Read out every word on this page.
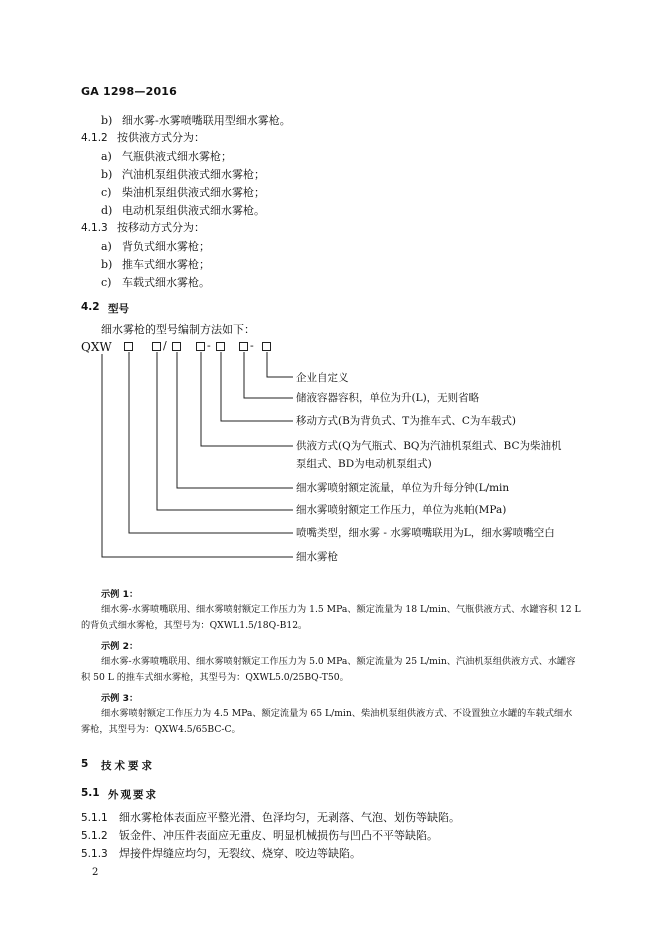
GA 1298—2016
b) 细水雾-水雾喷嘴联用型细水雾枪。
4.1.2 按供液方式分为：
a) 气瓶供液式细水雾枪；
b) 汽油机泵组供液式细水雾枪；
c) 柴油机泵组供液式细水雾枪；
d) 电动机泵组供液式细水雾枪。
4.1.3 按移动方式分为：
a) 背负式细水雾枪；
b) 推车式细水雾枪；
c) 车载式细水雾枪。
4.2 型号
细水雾枪的型号编制方法如下：
QXW	/	-	-
企业自定义
储液容器容积，单位为升(L)，无则省略
移动方式(B为背负式、T为推车式、C为车载式)
供液方式(Q为气瓶式、BQ为汽油机泵组式、BC为柴油机
泵组式、BD为电动机泵组式)
细水雾喷射额定流量，单位为升每分钟(L/min
细水雾喷射额定工作压力，单位为兆帕(MPa)
喷嘴类型，细水雾 - 水雾喷嘴联用为L，细水雾喷嘴空白
细水雾枪
示例 1：
细水雾-水雾喷嘴联用、细水雾喷射额定工作压力为 1.5 MPa、额定流量为 18 L/min、气瓶供液方式、水罐容积 12 L
的背负式细水雾枪，其型号为：QXWL1.5/18Q-B12。
示例 2：
细水雾-水雾喷嘴联用、细水雾喷射额定工作压力为 5.0 MPa、额定流量为 25 L/min、汽油机泵组供液方式、水罐容
积 50 L 的推车式细水雾枪，其型号为：QXWL5.0/25BQ-T50。
示例 3：
细水雾喷射额定工作压力为 4.5 MPa、额定流量为 65 L/min、柴油机泵组供液方式、不设置独立水罐的车载式细水
雾枪，其型号为：QXW4.5/65BC-C。
5 技术要求
5.1 外观要求
5.1.1 细水雾枪体表面应平整光滑、色泽均匀，无剥落、气泡、划伤等缺陷。
5.1.2 钣金件、冲压件表面应无重皮、明显机械损伤与凹凸不平等缺陷。
5.1.3 焊接件焊缝应均匀，无裂纹、烧穿、咬边等缺陷。
2
